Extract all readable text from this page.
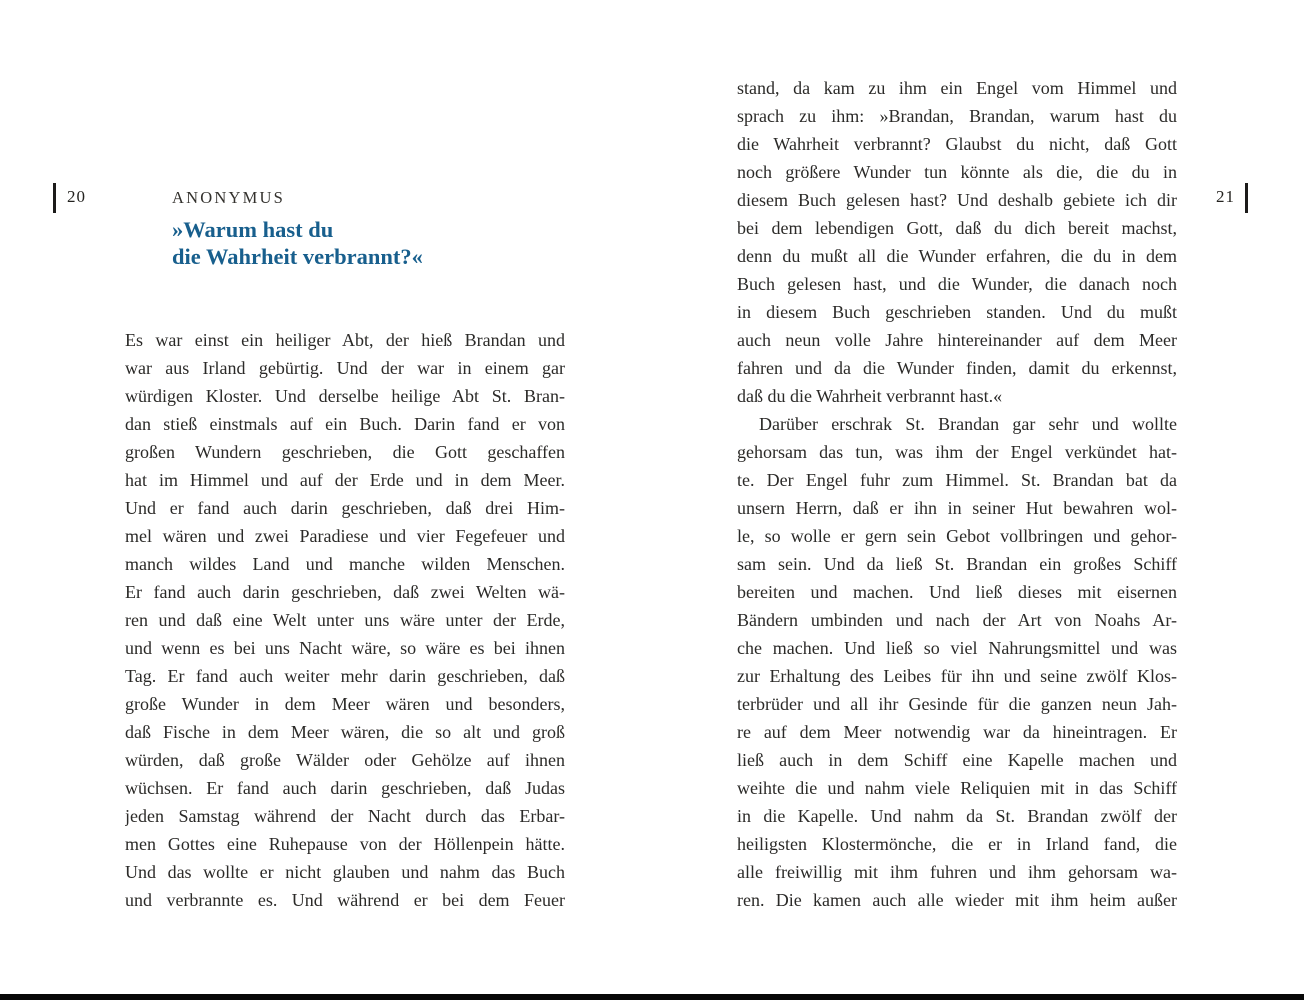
20	21
ANONYMUS
»Warum hast du
die Wahrheit verbrannt?«
Es war einst ein heiliger Abt, der hieß Brandan und
war aus Irland gebürtig. Und der war in einem gar
würdigen Kloster. Und derselbe heilige Abt St. Bran-
dan stieß einstmals auf ein Buch. Darin fand er von
großen Wundern geschrieben, die Gott geschaffen
hat im Himmel und auf der Erde und in dem Meer.
Und er fand auch darin geschrieben, daß drei Him-
mel wären und zwei Paradiese und vier Fegefeuer und
manch wildes Land und manche wilden Menschen.
Er fand auch darin geschrieben, daß zwei Welten wä-
ren und daß eine Welt unter uns wäre unter der Erde,
und wenn es bei uns Nacht wäre, so wäre es bei ihnen
Tag. Er fand auch weiter mehr darin geschrieben, daß
große Wunder in dem Meer wären und besonders,
daß Fische in dem Meer wären, die so alt und groß
würden, daß große Wälder oder Gehölze auf ihnen
wüchsen. Er fand auch darin geschrieben, daß Judas
jeden Samstag während der Nacht durch das Erbar-
men Gottes eine Ruhepause von der Höllenpein hätte.
Und das wollte er nicht glauben und nahm das Buch
und verbrannte es. Und während er bei dem Feuer
stand, da kam zu ihm ein Engel vom Himmel und
sprach zu ihm: »Brandan, Brandan, warum hast du
die Wahrheit verbrannt? Glaubst du nicht, daß Gott
noch größere Wunder tun könnte als die, die du in
diesem Buch gelesen hast? Und deshalb gebiete ich dir
bei dem lebendigen Gott, daß du dich bereit machst,
denn du mußt all die Wunder erfahren, die du in dem
Buch gelesen hast, und die Wunder, die danach noch
in diesem Buch geschrieben standen. Und du mußt
auch neun volle Jahre hintereinander auf dem Meer
fahren und da die Wunder finden, damit du erkennst,
daß du die Wahrheit verbrannt hast.«
Darüber erschrak St. Brandan gar sehr und wollte
gehorsam das tun, was ihm der Engel verkündet hat-
te. Der Engel fuhr zum Himmel. St. Brandan bat da
unsern Herrn, daß er ihn in seiner Hut bewahren wol-
le, so wolle er gern sein Gebot vollbringen und gehor-
sam sein. Und da ließ St. Brandan ein großes Schiff
bereiten und machen. Und ließ dieses mit eisernen
Bändern umbinden und nach der Art von Noahs Ar-
che machen. Und ließ so viel Nahrungsmittel und was
zur Erhaltung des Leibes für ihn und seine zwölf Klos-
terbrüder und all ihr Gesinde für die ganzen neun Jah-
re auf dem Meer notwendig war da hineintragen. Er
ließ auch in dem Schiff eine Kapelle machen und
weihte die und nahm viele Reliquien mit in das Schiff
in die Kapelle. Und nahm da St. Brandan zwölf der
heiligsten Klostermönche, die er in Irland fand, die
alle freiwillig mit ihm fuhren und ihm gehorsam wa-
ren. Die kamen auch alle wieder mit ihm heim außer
